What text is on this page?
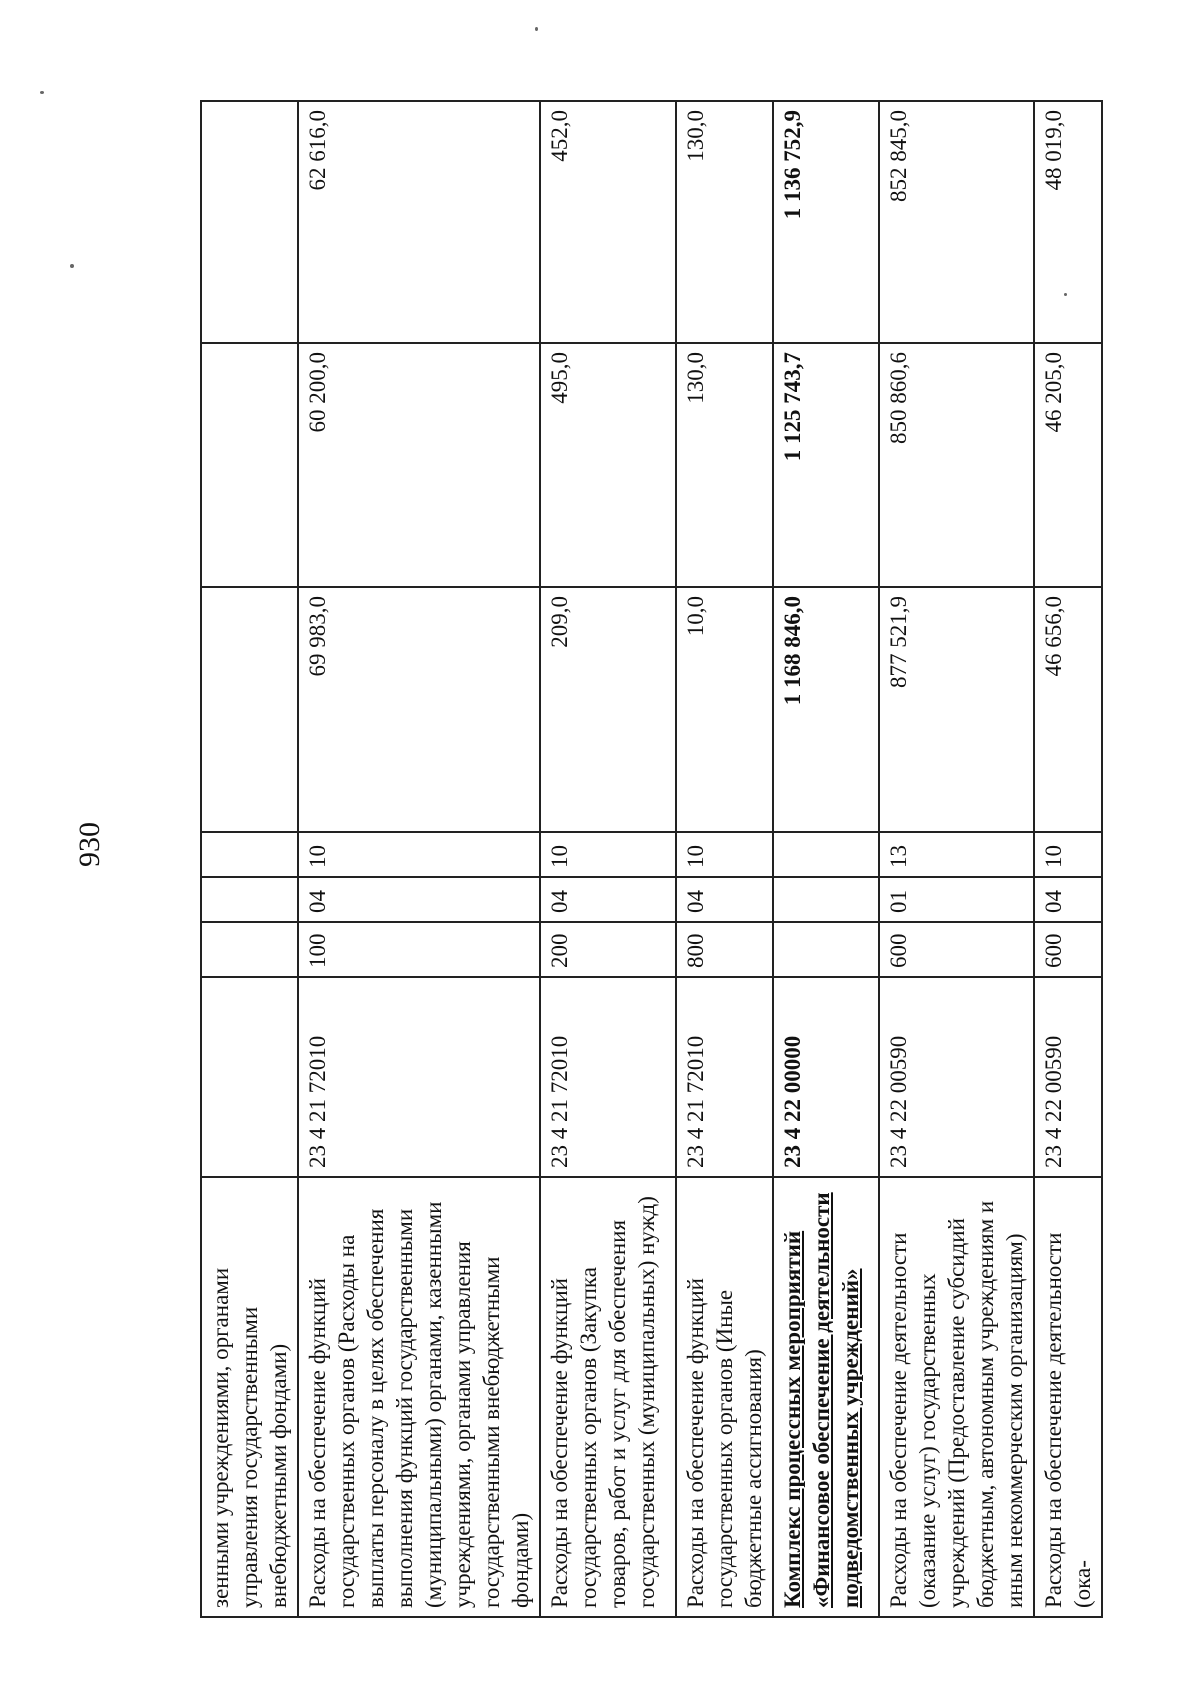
930
зенными учреждениями, органами управления государственными внебюджетными фондами)							

Расходы на обеспечение функций государственных органов (Расходы на выплаты персоналу в целях обеспечения выполнения функций государственными (муниципальными) органами, казенными учреждениями, органами управления государственными внебюджетными фондами)	23 4 21 72010	100	04	10	69 983,0	60 200,0	62 616,0

Расходы на обеспечение функций государственных органов (Закупка товаров, работ и услуг для обеспечения государственных (муниципальных) нужд)	23 4 21 72010	200	04	10	209,0	495,0	452,0

Расходы на обеспечение функций государственных органов (Иные бюджетные ассигнования)	23 4 21 72010	800	04	10	10,0	130,0	130,0

Комплекс процессных мероприятий «Финансовое обеспечение деятельности подведомственных учреждений»	23 4 22 00000				1 168 846,0	1 125 743,7	1 136 752,9

Расходы на обеспечение деятельности (оказание услуг) государственных учреждений (Предоставление субсидий бюджетным, автономным учреждениям и иным некоммерческим организациям)	23 4 22 00590	600	01	13	877 521,9	850 860,6	852 845,0

Расходы на обеспечение деятельности (ока-	23 4 22 00590	600	04	10	46 656,0	46 205,0	48 019,0
